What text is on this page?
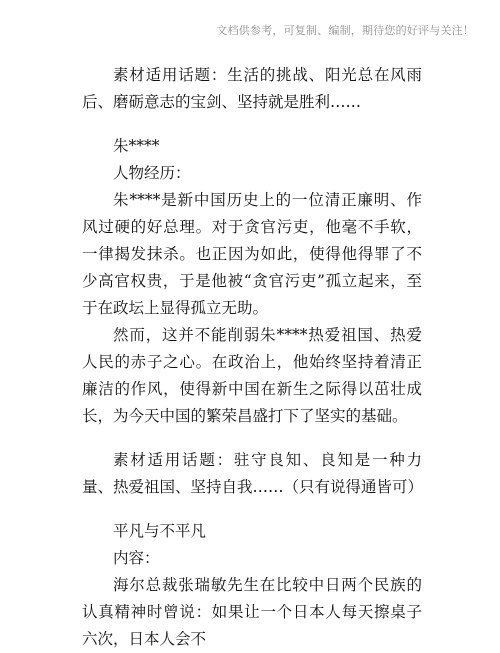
文档供参考，可复制、编制，期待您的好评与关注！

素材适用话题：生活的挑战、阳光总在风雨后、磨砺意志的宝剑、坚持就是胜利……

朱****

人物经历：

朱****是新中国历史上的一位清正廉明、作风过硬的好总理。对于贪官污吏，他毫不手软，一律揭发抹杀。也正因为如此，使得他得罪了不少高官权贵，于是他被“贪官污吏”孤立起来，至于在政坛上显得孤立无助。

然而，这并不能削弱朱****热爱祖国、热爱人民的赤子之心。在政治上，他始终坚持着清正廉洁的作风，使得新中国在新生之际得以茁壮成长，为今天中国的繁荣昌盛打下了坚实的基础。

素材适用话题：驻守良知、良知是一种力量、热爱祖国、坚持自我……（只有说得通皆可）

平凡与不平凡

内容：

海尔总裁张瑞敏先生在比较中日两个民族的认真精神时曾说：如果让一个日本人每天擦桌子六次，日本人会不
